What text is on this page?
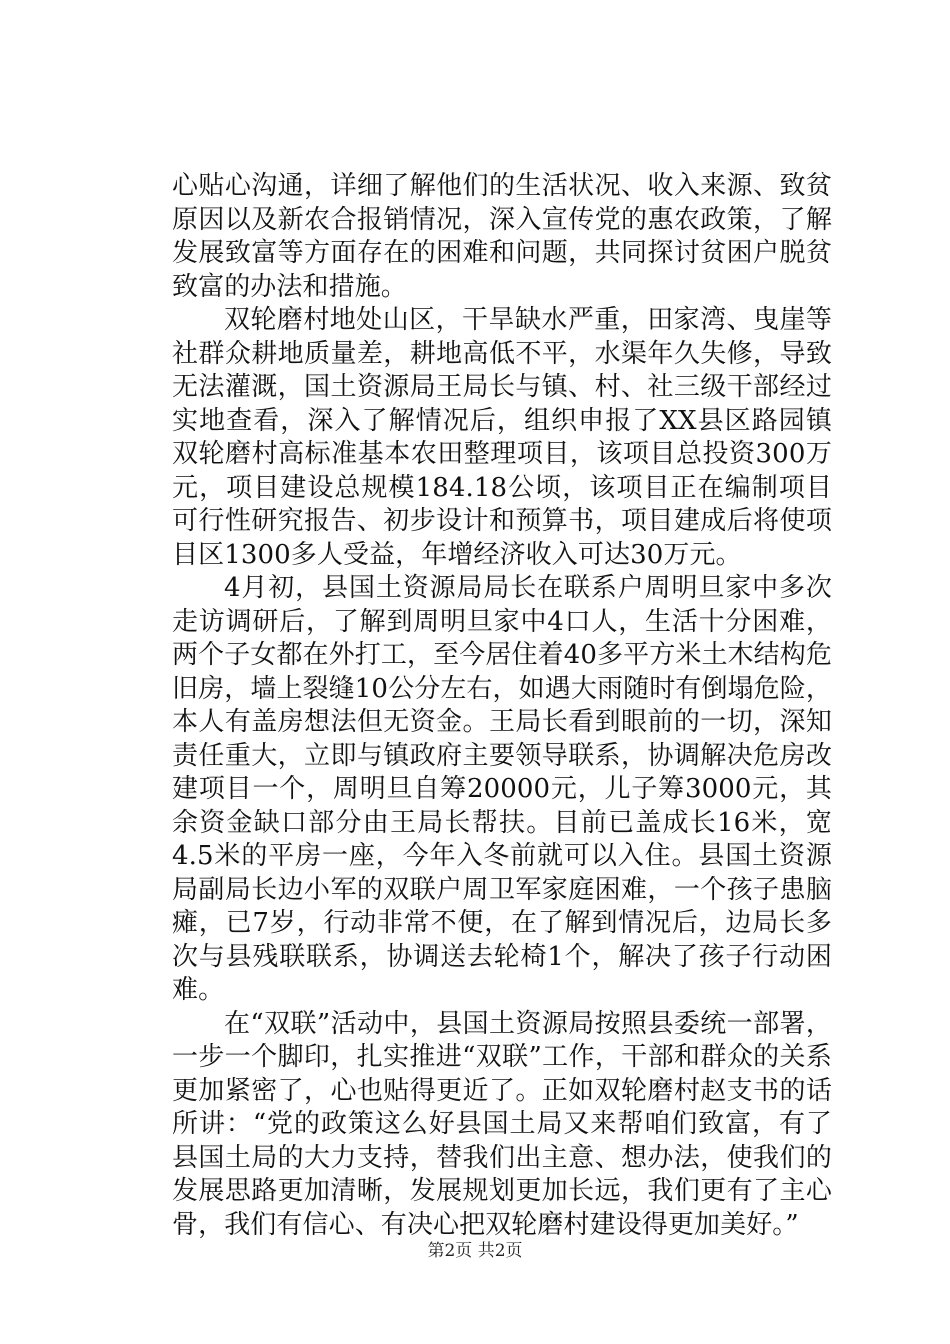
心贴心沟通，详细了解他们的生活状况、收入来源、致贫原因以及新农合报销情况，深入宣传党的惠农政策，了解发展致富等方面存在的困难和问题，共同探讨贫困户脱贫致富的办法和措施。

双轮磨村地处山区，干旱缺水严重，田家湾、曳崖等社群众耕地质量差，耕地高低不平，水渠年久失修，导致无法灌溉，国土资源局王局长与镇、村、社三级干部经过实地查看，深入了解情况后，组织申报了XX县区路园镇双轮磨村高标准基本农田整理项目，该项目总投资300万元，项目建设总规模184.18公顷，该项目正在编制项目可行性研究报告、初步设计和预算书，项目建成后将使项目区1300多人受益，年增经济收入可达30万元。

4月初，县国土资源局局长在联系户周明旦家中多次走访调研后，了解到周明旦家中4口人，生活十分困难，两个子女都在外打工，至今居住着40多平方米土木结构危旧房，墙上裂缝10公分左右，如遇大雨随时有倒塌危险，本人有盖房想法但无资金。王局长看到眼前的一切，深知责任重大，立即与镇政府主要领导联系，协调解决危房改建项目一个，周明旦自筹20000元，儿子筹3000元，其余资金缺口部分由王局长帮扶。目前已盖成长16米，宽4.5米的平房一座，今年入冬前就可以入住。县国土资源局副局长边小军的双联户周卫军家庭困难，一个孩子患脑瘫，已7岁，行动非常不便，在了解到情况后，边局长多次与县残联联系，协调送去轮椅1个，解决了孩子行动困难。

在“双联”活动中，县国土资源局按照县委统一部署，一步一个脚印，扎实推进“双联”工作，干部和群众的关系更加紧密了，心也贴得更近了。正如双轮磨村赵支书的话所讲：“党的政策这么好县国土局又来帮咱们致富，有了县国土局的大力支持，替我们出主意、想办法，使我们的发展思路更加清晰，发展规划更加长远，我们更有了主心骨，我们有信心、有决心把双轮磨村建设得更加美好。”

第2页 共2页
